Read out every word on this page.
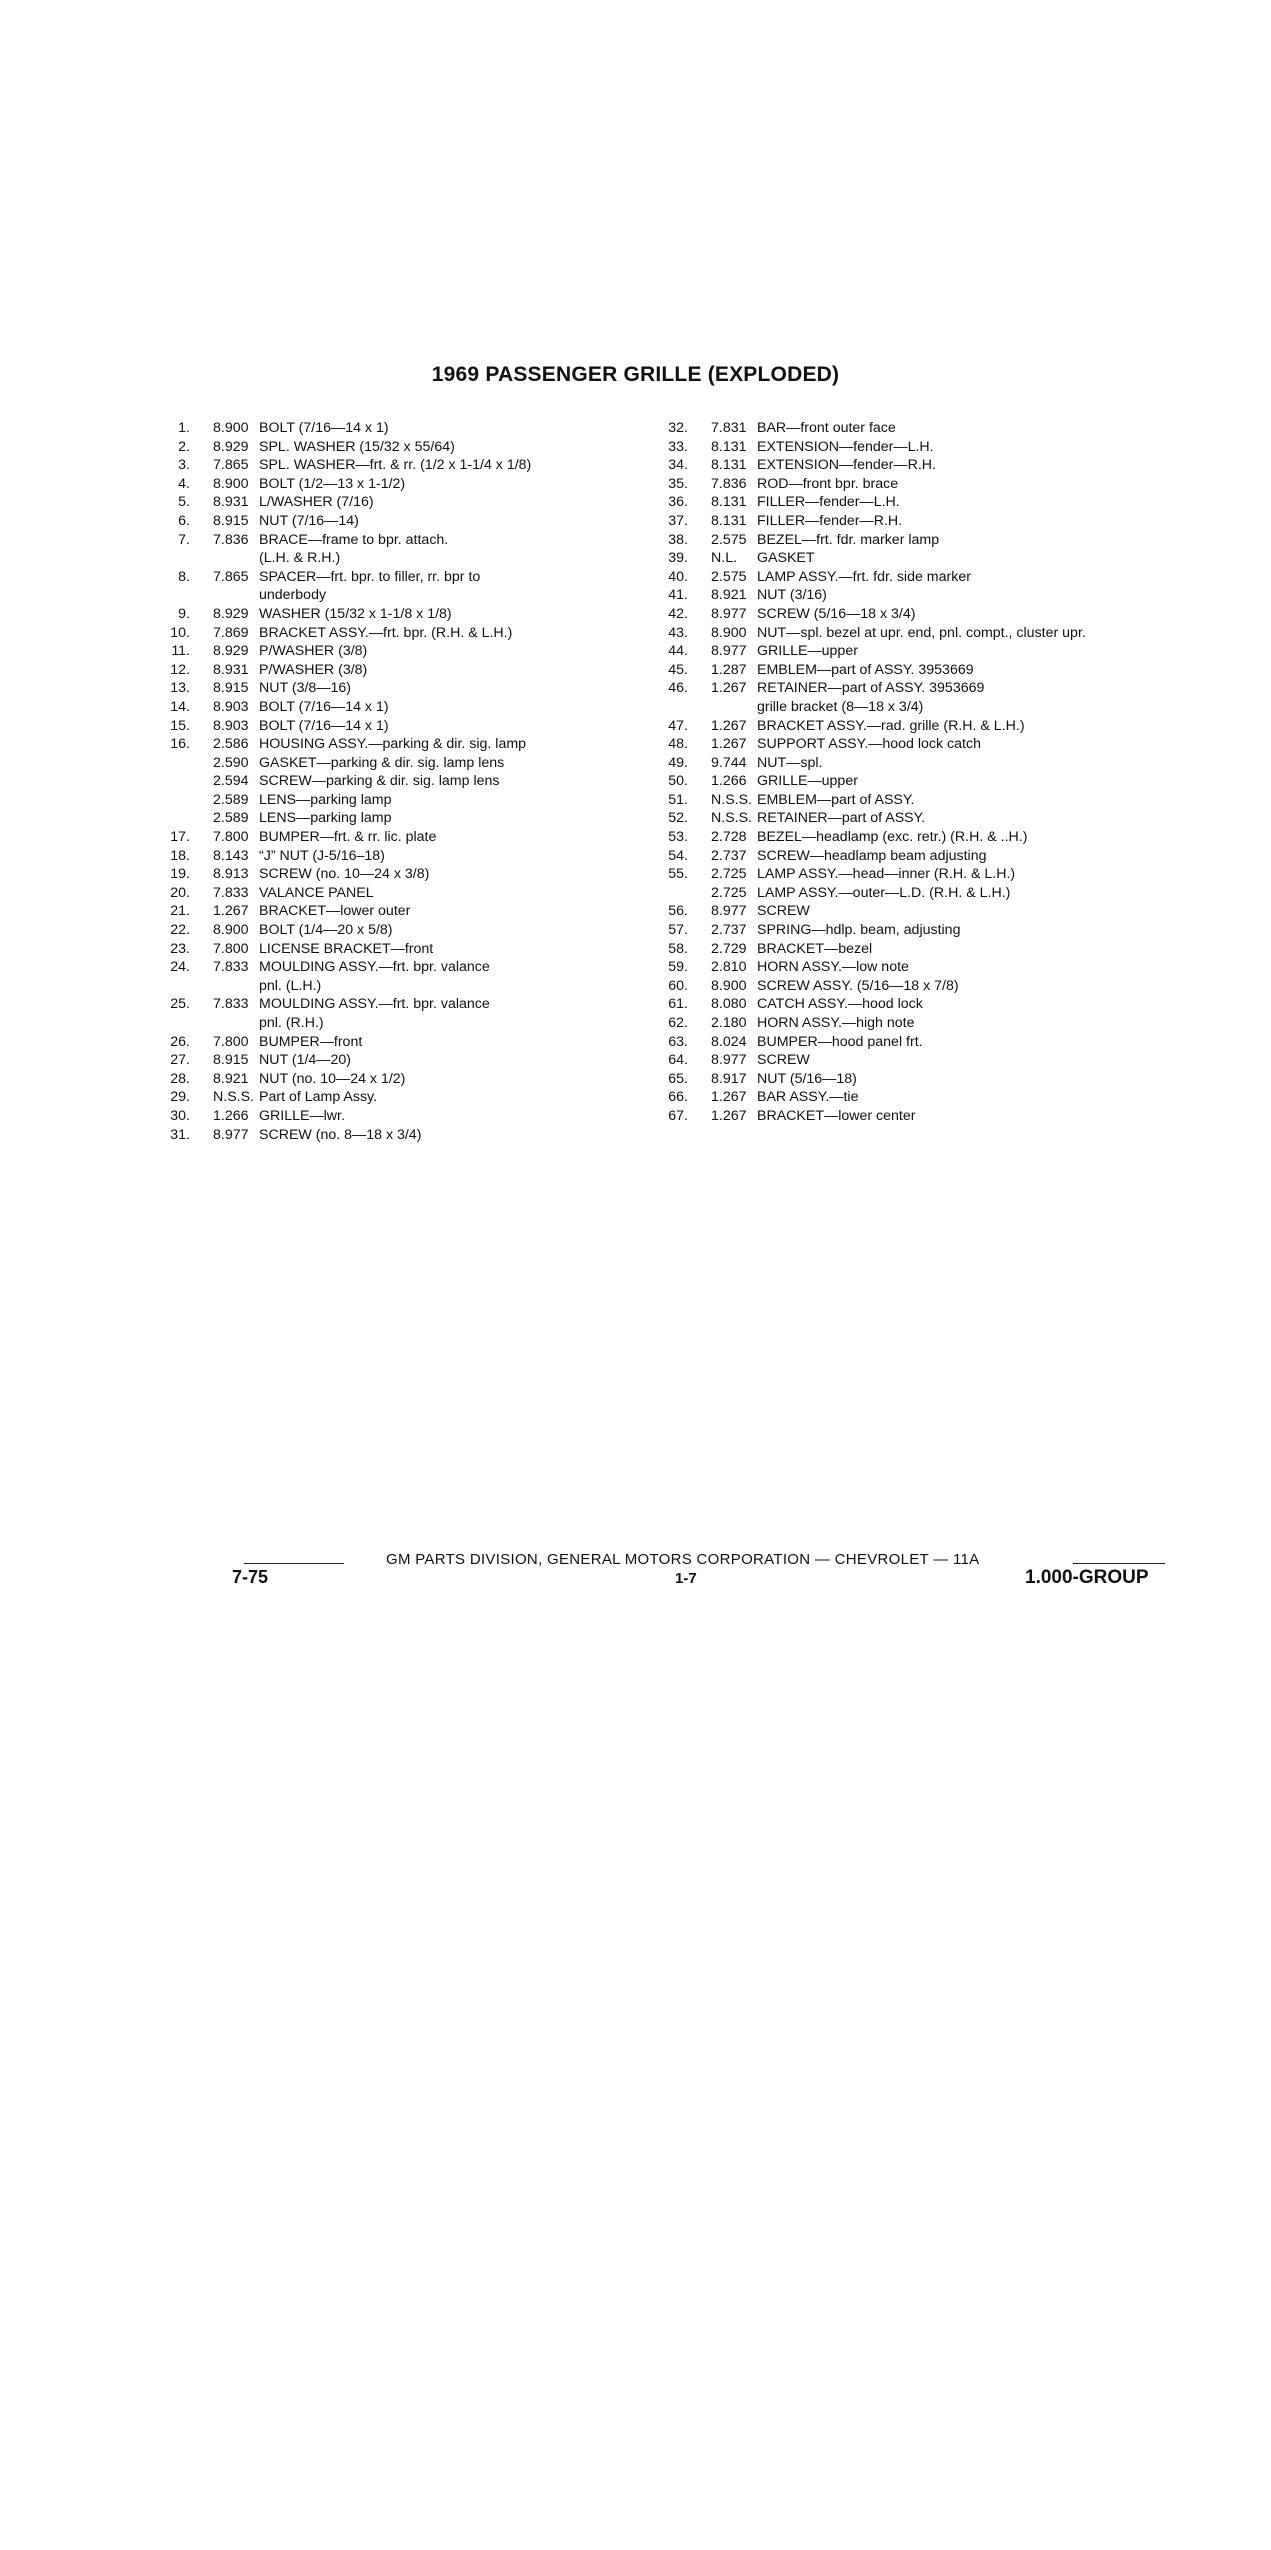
1969 PASSENGER GRILLE (EXPLODED)
1. 8.900 BOLT (7/16—14 x 1)
2. 8.929 SPL. WASHER (15/32 x 55/64)
3. 7.865 SPL. WASHER—frt. & rr. (1/2 x 1-1/4 x 1/8)
4. 8.900 BOLT (1/2—13 x 1-1/2)
5. 8.931 L/WASHER (7/16)
6. 8.915 NUT (7/16—14)
7. 7.836 BRACE—frame to bpr. attach.
(L.H. & R.H.)
8. 7.865 SPACER—frt. bpr. to filler, rr. bpr to
underbody
9. 8.929 WASHER (15/32 x 1-1/8 x 1/8)
10. 7.869 BRACKET ASSY.—frt. bpr. (R.H. & L.H.)
11. 8.929 P/WASHER (3/8)
12. 8.931 P/WASHER (3/8)
13. 8.915 NUT (3/8—16)
14. 8.903 BOLT (7/16—14 x 1)
15. 8.903 BOLT (7/16—14 x 1)
16. 2.586 HOUSING ASSY.—parking & dir. sig. lamp
2.590 GASKET—parking & dir. sig. lamp lens
2.594 SCREW—parking & dir. sig. lamp lens
2.589 LENS—parking lamp
2.589 LENS—parking lamp
17. 7.800 BUMPER—frt. & rr. lic. plate
18. 8.143 “J” NUT (J-5/16–18)
19. 8.913 SCREW (no. 10—24 x 3/8)
20. 7.833 VALANCE PANEL
21. 1.267 BRACKET—lower outer
22. 8.900 BOLT (1/4—20 x 5/8)
23. 7.800 LICENSE BRACKET—front
24. 7.833 MOULDING ASSY.—frt. bpr. valance
pnl. (L.H.)
25. 7.833 MOULDING ASSY.—frt. bpr. valance
pnl. (R.H.)
26. 7.800 BUMPER—front
27. 8.915 NUT (1/4—20)
28. 8.921 NUT (no. 10—24 x 1/2)
29. N.S.S. Part of Lamp Assy.
30. 1.266 GRILLE—lwr.
31. 8.977 SCREW (no. 8—18 x 3/4)
32. 7.831 BAR—front outer face
33. 8.131 EXTENSION—fender—L.H.
34. 8.131 EXTENSION—fender—R.H.
35. 7.836 ROD—front bpr. brace
36. 8.131 FILLER—fender—L.H.
37. 8.131 FILLER—fender—R.H.
38. 2.575 BEZEL—frt. fdr. marker lamp
39. N.L.	GASKET
40. 2.575 LAMP ASSY.—frt. fdr. side marker
41. 8.921 NUT (3/16)
42. 8.977 SCREW (5/16—18 x 3/4)
43. 8.900 NUT—spl. bezel at upr. end, pnl. compt., cluster upr.
44. 8.977 GRILLE—upper
45. 1.287 EMBLEM—part of ASSY. 3953669
46. 1.267 RETAINER—part of ASSY. 3953669
grille bracket (8—18 x 3/4)
47. 1.267 BRACKET ASSY.—rad. grille (R.H. & L.H.)
48. 1.267 SUPPORT ASSY.—hood lock catch
49. 9.744 NUT—spl.
50. 1.266 GRILLE—upper
51. N.S.S. EMBLEM—part of ASSY.
52. N.S.S. RETAINER—part of ASSY.
53. 2.728 BEZEL—headlamp (exc. retr.) (R.H. & ..H.)
54. 2.737 SCREW—headlamp beam adjusting
55. 2.725 LAMP ASSY.—head—inner (R.H. & L.H.)
2.725 LAMP ASSY.—outer—L.D. (R.H. & L.H.)
56. 8.977 SCREW
57. 2.737 SPRING—hdlp. beam, adjusting
58. 2.729 BRACKET—bezel
59. 2.810 HORN ASSY.—low note
60. 8.900 SCREW ASSY. (5/16—18 x 7/8)
61. 8.080 CATCH ASSY.—hood lock
62. 2.180 HORN ASSY.—high note
63. 8.024 BUMPER—hood panel frt.
64. 8.977 SCREW
65. 8.917 NUT (5/16—18)
66. 1.267 BAR ASSY.—tie
67. 1.267 BRACKET—lower center
GM PARTS DIVISION, GENERAL MOTORS CORPORATION — CHEVROLET — 11A
7-75	1-7	1.000-GROUP
